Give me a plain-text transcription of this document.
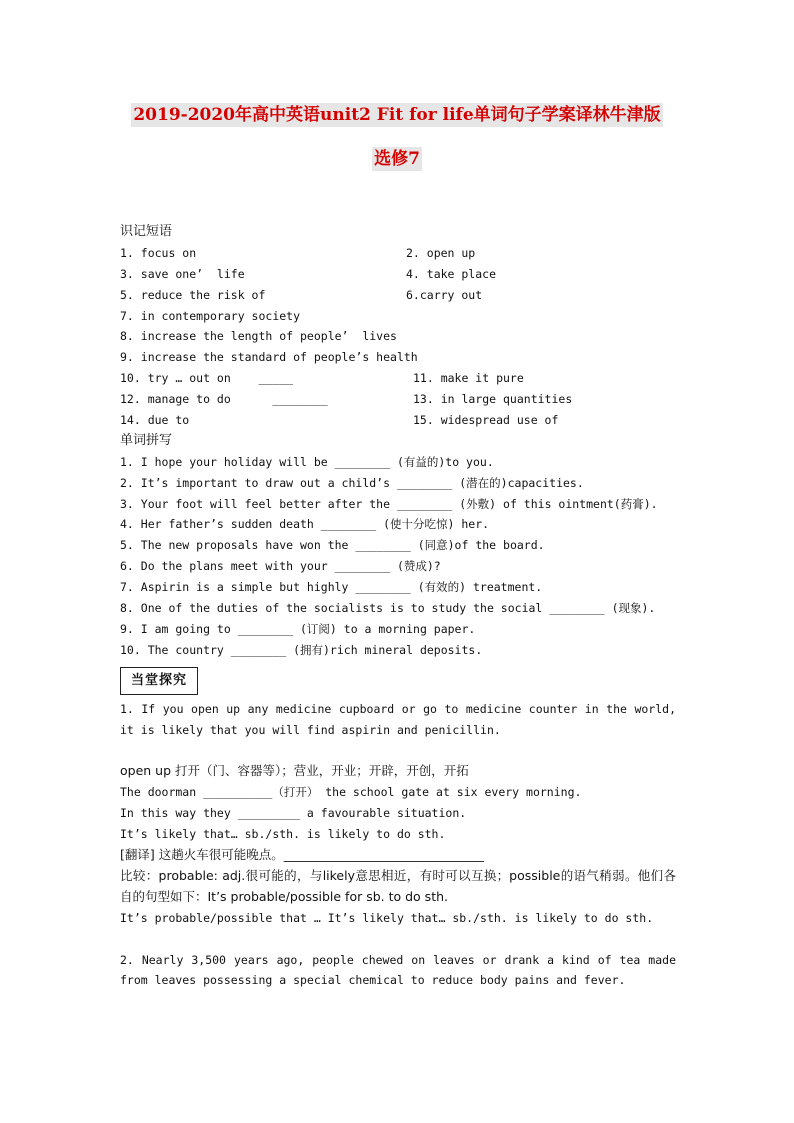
2019-2020年高中英语unit2 Fit for life单词句子学案译林牛津版
选修7
识记短语
1. focus on	2. open up
3. save one’  life	4. take place
5. reduce the risk of	6.carry out
7. in contemporary society
8. increase the length of people’  lives
9. increase the standard of people’s health
10. try … out on    _____	11. make it pure
12. manage to do      ________	13. in large quantities
14. due to	15. widespread use of
单词拼写
1. I hope your holiday will be ________ (有益的)to you.
2. It’s important to draw out a child’s ________ (潜在的)capacities.
3. Your foot will feel better after the ________ (外敷) of this ointment(药膏).
4. Her father’s sudden death ________ (使十分吃惊) her.
5. The new proposals have won the ________ (同意)of the board.
6. Do the plans meet with your ________ (赞成)?
7. Aspirin is a simple but highly ________ (有效的) treatment.
8. One of the duties of the socialists is to study the social ________ (现象).
9. I am going to ________ (订阅) to a morning paper.
10. The country ________ (拥有)rich mineral deposits.
当堂探究
1. If you open up any medicine cupboard or go to medicine counter in the world, it is likely that you will find aspirin and penicillin.
open up 打开（门、容器等）；营业，开业；开辟，开创，开拓
The doorman __________（打开） the school gate at six every morning.
In this way they _________ a favourable situation.
It’s likely that… sb./sth. is likely to do sth.
[翻译] 这趟火车很可能晚点。________________________________
比较：probable: adj.很可能的，与likely意思相近，有时可以互换；possible的语气稍弱。他们各自的句型如下：It’s probable/possible for sb. to do sth.
It’s probable/possible that … It’s likely that… sb./sth. is likely to do sth.
2. Nearly 3,500 years ago, people chewed on leaves or drank a kind of tea made from leaves possessing a special chemical to reduce body pains and fever.
